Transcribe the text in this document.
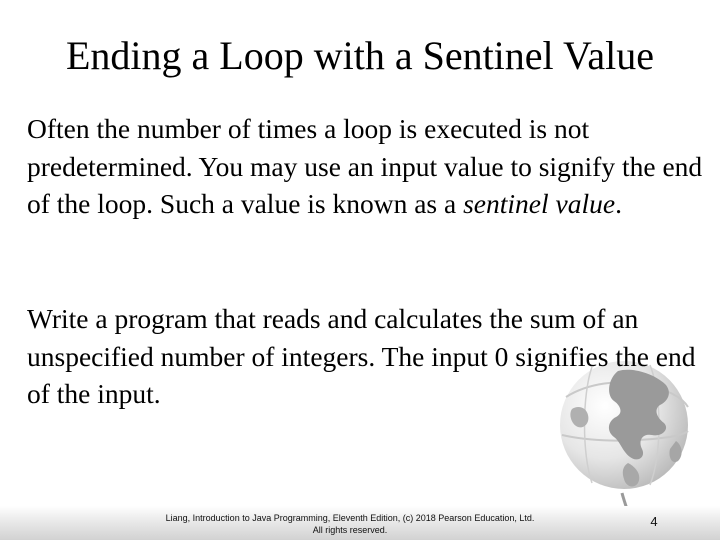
Ending a Loop with a Sentinel Value

Often the number of times a loop is executed is not predetermined. You may use an input value to signify the end of the loop. Such a value is known as a sentinel value.

Write a program that reads and calculates the sum of an unspecified number of integers. The input 0 signifies the end of the input.

Liang, Introduction to Java Programming, Eleventh Edition, (c) 2018 Pearson Education, Ltd.
All rights reserved.
4
